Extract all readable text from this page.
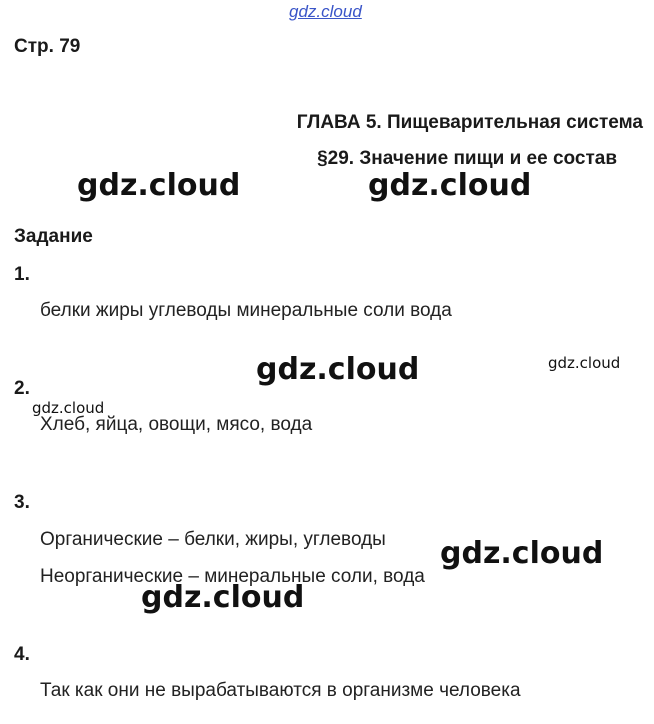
gdz.cloud
Стр. 79
ГЛАВА 5. Пищеварительная система
§29. Значение пищи и ее состав
Задание
1.
белки жиры углеводы минеральные соли вода
2.
Хлеб, яйца, овощи, мясо, вода
3.
Органические – белки, жиры, углеводы
Неорганические – минеральные соли, вода
4.
Так как они не вырабатываются в организме человека
gdz.cloud	gdz.cloud
gdz.cloud	gdz.cloud
gdz.cloud
gdz.cloud
gdz.cloud
